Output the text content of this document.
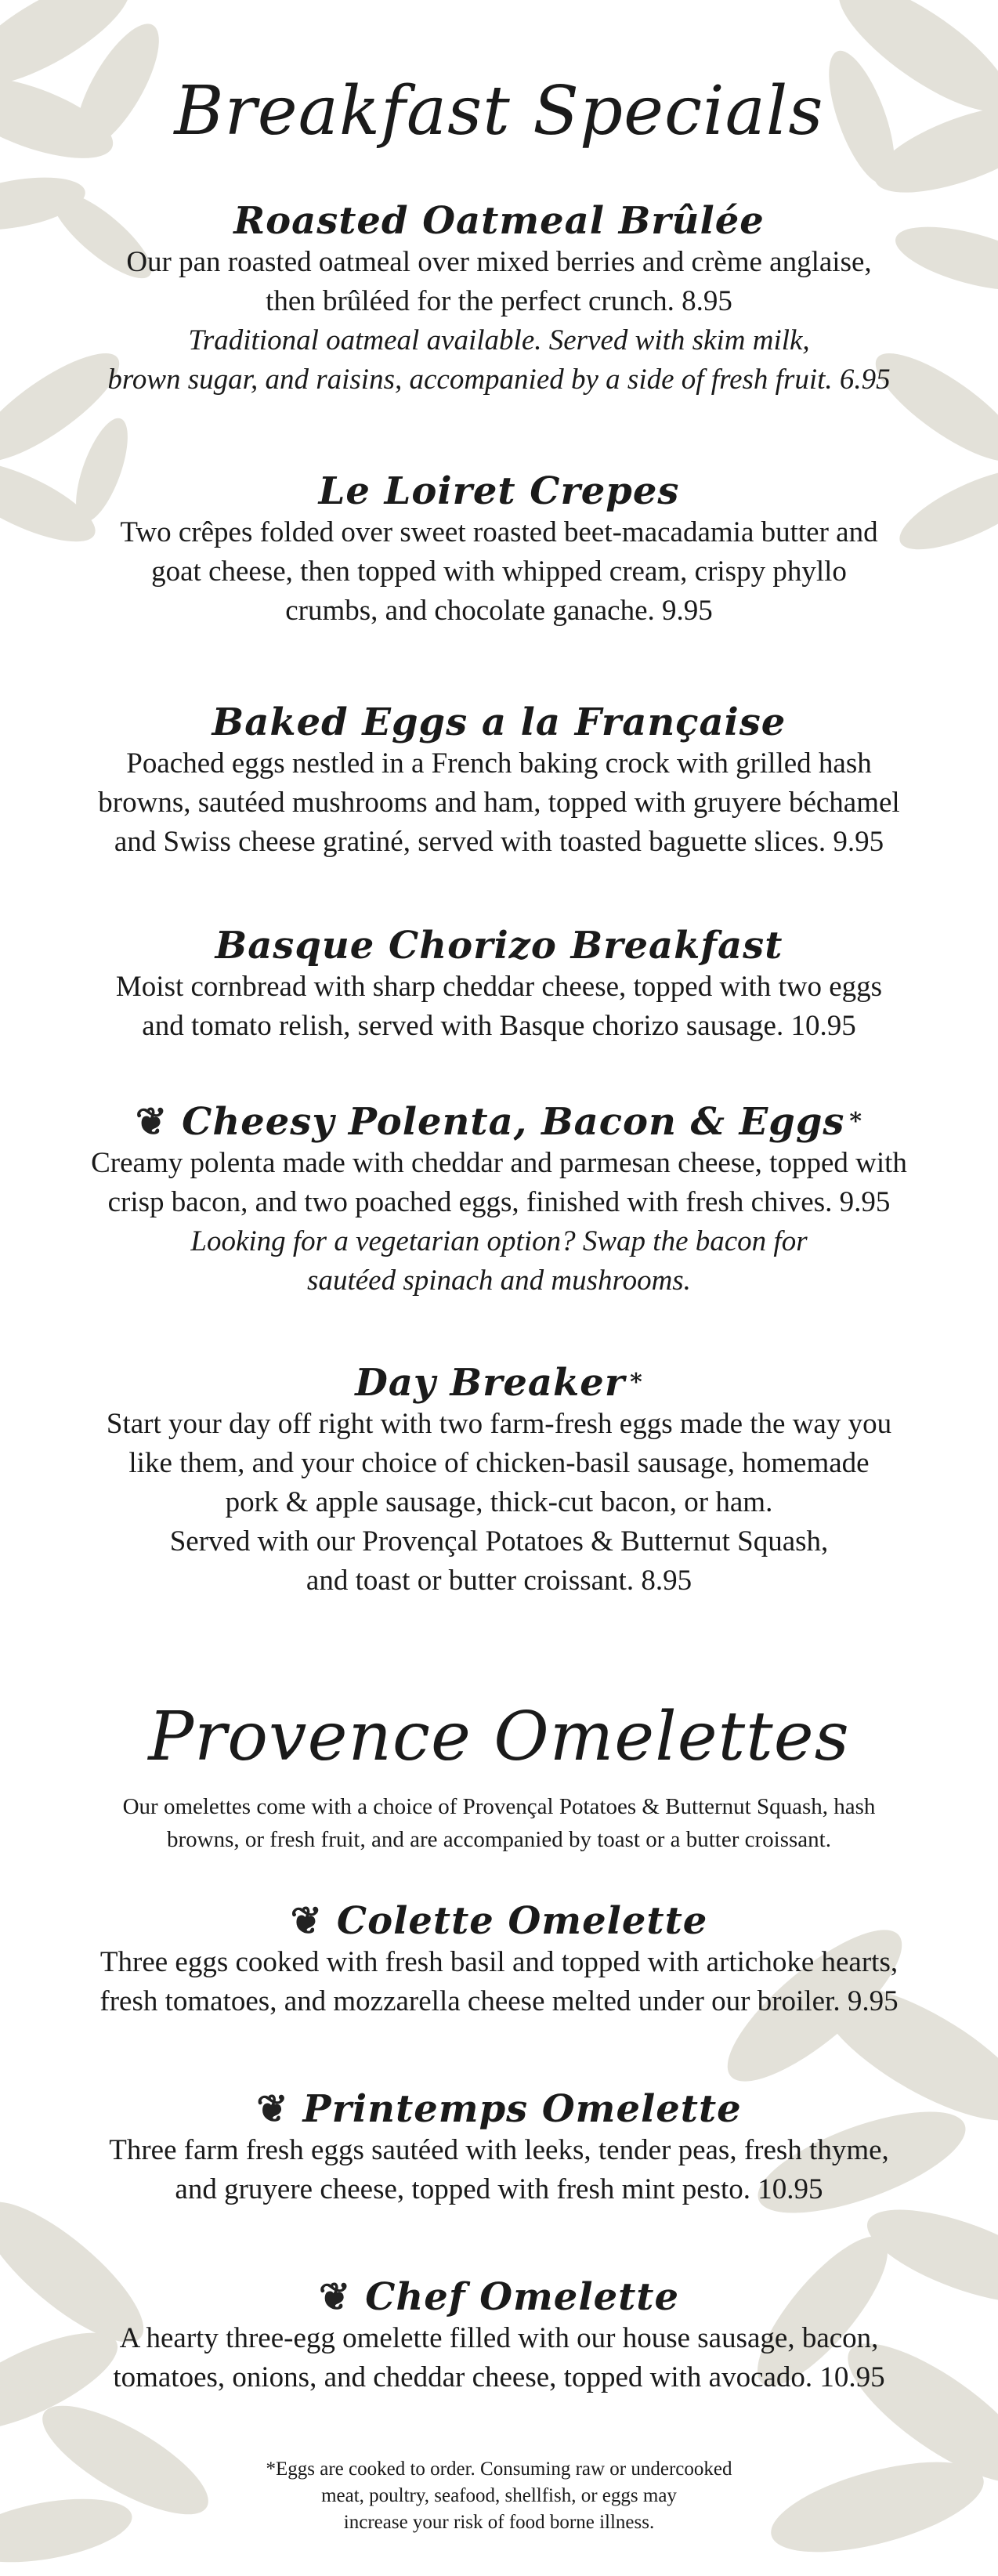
Breakfast Specials
Roasted Oatmeal Brûlée

Our pan roasted oatmeal over mixed berries and crème anglaise,
then brûléed for the perfect crunch. 8.95

Traditional oatmeal available. Served with skim milk,
brown sugar, and raisins, accompanied by a side of fresh fruit. 6.95

Le Loiret Crepes

Two crêpes folded over sweet roasted beet-macadamia butter and
goat cheese, then topped with whipped cream, crispy phyllo
crumbs, and chocolate ganache. 9.95

Baked Eggs a la Française

Poached eggs nestled in a French baking crock with grilled hash
browns, sautéed mushrooms and ham, topped with gruyere béchamel
and Swiss cheese gratiné, served with toasted baguette slices. 9.95

Basque Chorizo Breakfast

Moist cornbread with sharp cheddar cheese, topped with two eggs
and tomato relish, served with Basque chorizo sausage. 10.95

❦ Cheesy Polenta, Bacon & Eggs *

Creamy polenta made with cheddar and parmesan cheese, topped with
crisp bacon, and two poached eggs, finished with fresh chives. 9.95

Looking for a vegetarian option? Swap the bacon for
sautéed spinach and mushrooms.

Day Breaker *

Start your day off right with two farm-fresh eggs made the way you
like them, and your choice of chicken-basil sausage, homemade
pork & apple sausage, thick-cut bacon, or ham.
Served with our Provençal Potatoes & Butternut Squash,
and toast or butter croissant. 8.95

Provence Omelettes

Our omelettes come with a choice of Provençal Potatoes & Butternut Squash, hash
browns, or fresh fruit, and are accompanied by toast or a butter croissant.

❦ Colette Omelette

Three eggs cooked with fresh basil and topped with artichoke hearts,
fresh tomatoes, and mozzarella cheese melted under our broiler. 9.95

❦ Printemps Omelette

Three farm fresh eggs sautéed with leeks, tender peas, fresh thyme,
and gruyere cheese, topped with fresh mint pesto. 10.95

❦ Chef Omelette

A hearty three-egg omelette filled with our house sausage, bacon,
tomatoes, onions, and cheddar cheese, topped with avocado. 10.95

*Eggs are cooked to order. Consuming raw or undercooked
meat, poultry, seafood, shellfish, or eggs may
increase your risk of food borne illness.
